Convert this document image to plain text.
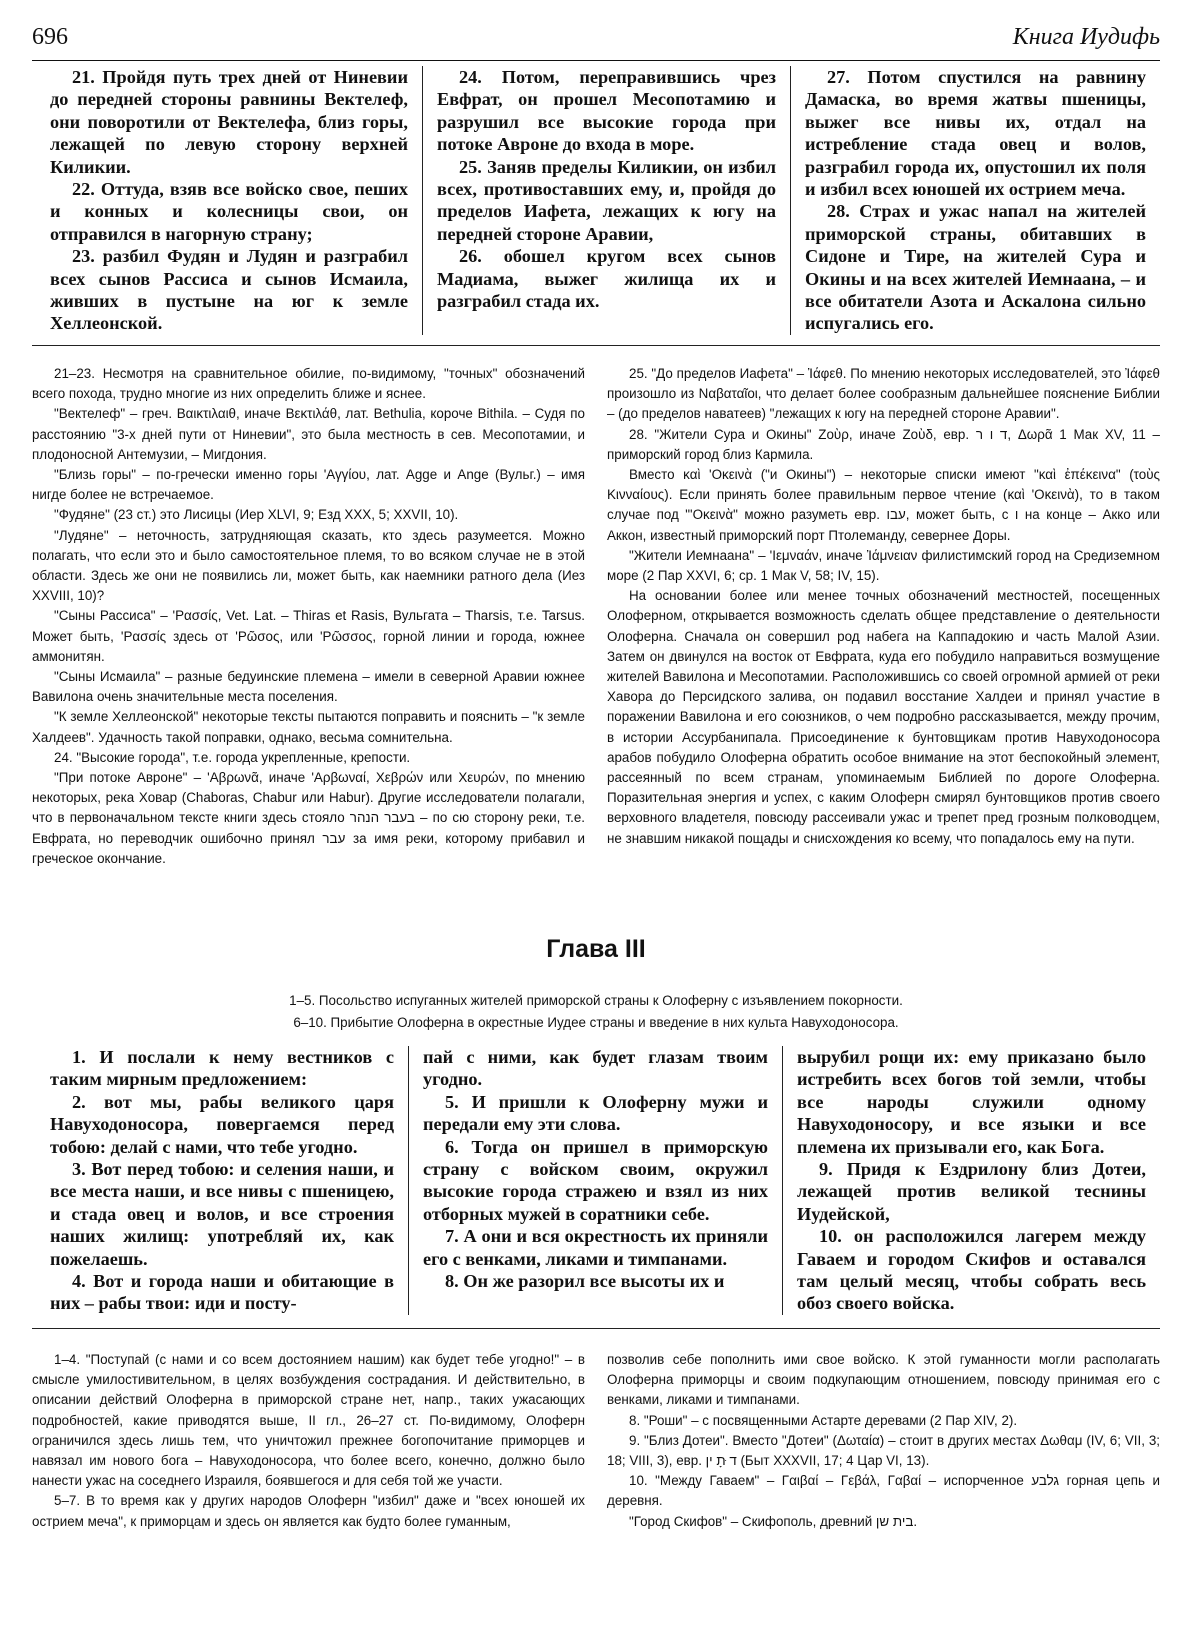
696	Книга Иудифь

21. Пройдя путь трех дней от Ниневии до передней стороны равнины Вектелеф, они поворотили от Вектелефа, близ горы, лежащей по левую сторону верхней Киликии.

22. Оттуда, взяв все войско свое, пеших и конных и колесницы свои, он отправился в нагорную страну;

23. разбил Фудян и Лудян и разграбил всех сынов Рассиса и сынов Исмаила, живших в пустыне на юг к земле Хеллеонской.

24. Потом, переправившись чрез Евфрат, он прошел Месопотамию и разрушил все высокие города при потоке Авроне до входа в море.

25. Заняв пределы Киликии, он избил всех, противоставших ему, и, пройдя до пределов Иафета, лежащих к югу на передней стороне Аравии,

26. обошел кругом всех сынов Мадиама, выжег жилища их и разграбил стада их.

27. Потом спустился на равнину Дамаска, во время жатвы пшеницы, выжег все нивы их, отдал на истребление стада овец и волов, разграбил города их, опустошил их поля и избил всех юношей их острием меча.

28. Страх и ужас напал на жителей приморской страны, обитавших в Сидоне и Тире, на жителей Сура и Окины и на всех жителей Иемнаана, – и все обитатели Азота и Аскалона сильно испугались его.

21–23. Несмотря на сравнительное обилие, по-видимому, "точных" обозначений всего похода, трудно многие из них определить ближе и яснее.

"Вектелеф" – греч. Βαικτιλαιθ, иначе Βεκτιλάθ, лат. Bethulia, короче Bithila. – Судя по расстоянию "3-х дней пути от Ниневии", это была местность в сев. Месопотамии, и плодоносной Антемузии, – Мигдония.

"Близь горы" – по-гречески именно горы 'Αγγίου, лат. Agge и Ange (Вульг.) – имя нигде более не встречаемое.

"Фудяне" (23 ст.) это Лисицы (Иер XLVI, 9; Езд XXX, 5; XXVII, 10).

"Лудяне" – неточность, затрудняющая сказать, кто здесь разумеется. Можно полагать, что если это и было самостоятельное племя, то во всяком случае не в этой области. Здесь же они не появились ли, может быть, как наемники ратного дела (Иез XXVIII, 10)?

"Сыны Рассиса" – 'Ρασσίς, Vet. Lat. – Thiras et Rasis, Вульгата – Tharsis, т.е. Tarsus. Может быть, 'Ρασσίς здесь от 'Ρῶσος, или 'Ρῶσσος, горной линии и города, южнее аммонитян.

"Сыны Исмаила" – разные бедуинские племена – имели в северной Аравии южнее Вавилона очень значительные места поселения.

"К земле Хеллеонской" некоторые тексты пытаются поправить и пояснить – "к земле Халдеев". Удачность такой поправки, однако, весьма сомнительна.

24. "Высокие города", т.е. города укрепленные, крепости.

"При потоке Авроне" – 'Αβρωνᾶ, иначе 'Αρβωναί, Χεβρών или Χευρών, по мнению некоторых, река Ховар (Chaboras, Chabur или Habur). Другие исследователи полагали, что в первоначальном тексте книги здесь стояло בעבר הנהר – по сю сторону реки, т.е. Евфрата, но переводчик ошибочно принял עבר за имя реки, которому прибавил и греческое окончание.

25. "До пределов Иафета" – Ἰάφεθ. По мнению некоторых исследователей, это Ἰάφεθ произошло из Ναβαταῖοι, что делает более сообразным дальнейшее пояснение Библии – (до пределов наватеев) "лежащих к югу на передней стороне Аравии".

28. "Жители Сура и Окины" Ζοὺρ, иначе Ζοὺδ, евр. ד ו ר, Δωρᾶ 1 Мак XV, 11 – приморский город близ Кармила.

Вместо καὶ 'Οκεινὰ ("и Окины") – некоторые списки имеют "καὶ ἐπέκεινα" (τοὺς Κινναίους). Если принять более правильным первое чтение (καὶ 'Οκεινὰ), то в таком случае под "'Οκεινὰ" можно разуметь евр. עבו, может быть, с ו на конце – Акко или Аккон, известный приморский порт Птолеманду, севернее Доры.

"Жители Иемнаана" – 'Ιεμναάν, иначе Ἰάμνειαν филистимский город на Средиземном море (2 Пар XXVI, 6; ср. 1 Мак V, 58; IV, 15).

На основании более или менее точных обозначений местностей, посещенных Олоферном, открывается возможность сделать общее представление о деятельности Олоферна. Сначала он совершил род набега на Каппадокию и часть Малой Азии. Затем он двинулся на восток от Евфрата, куда его побудило направиться возмущение жителей Вавилона и Месопотамии. Расположившись со своей огромной армией от реки Хавора до Персидского залива, он подавил восстание Халдеи и принял участие в поражении Вавилона и его союзников, о чем подробно рассказывается, между прочим, в истории Ассурбанипала. Присоединение к бунтовщикам против Навуходоносора арабов побудило Олоферна обратить особое внимание на этот беспокойный элемент, рассеянный по всем странам, упоминаемым Библией по дороге Олоферна. Поразительная энергия и успех, с каким Олоферн смирял бунтовщиков против своего верховного владетеля, повсюду рассеивали ужас и трепет пред грозным полководцем, не знавшим никакой пощады и снисхождения ко всему, что попадалось ему на пути.

Глава III
1–5. Посольство испуганных жителей приморской страны к Олоферну с изъявлением покорности.
6–10. Прибытие Олоферна в окрестные Иудее страны и введение в них культа Навуходоносора.

1. И послали к нему вестников с таким мирным предложением:

2. вот мы, рабы великого царя Навуходоносора, повергаемся перед тобою: делай с нами, что тебе угодно.

3. Вот перед тобою: и селения наши, и все места наши, и все нивы с пшеницею, и стада овец и волов, и все строения наших жилищ: употребляй их, как пожелаешь.

4. Вот и города наши и обитающие в них – рабы твои: иди и посту-

пай с ними, как будет глазам твоим угодно.

5. И пришли к Олоферну мужи и передали ему эти слова.

6. Тогда он пришел в приморскую страну с войском своим, окружил высокие города стражею и взял из них отборных мужей в соратники себе.

7. А они и вся окрестность их приняли его с венками, ликами и тимпанами.

8. Он же разорил все высоты их и

вырубил рощи их: ему приказано было истребить всех богов той земли, чтобы все народы служили одному Навуходоносору, и все языки и все племена их призывали его, как Бога.

9. Придя к Ездрилону близ Дотеи, лежащей против великой теснины Иудейской,

10. он расположился лагерем между Гаваем и городом Скифов и оставался там целый месяц, чтобы собрать весь обоз своего войска.

1–4. "Поступай (с нами и со всем достоянием нашим) как будет тебе угодно!" – в смысле умилостивительном, в целях возбуждения сострадания. И действительно, в описании действий Олоферна в приморской стране нет, напр., таких ужасающих подробностей, какие приводятся выше, II гл., 26–27 ст. По-видимому, Олоферн ограничился здесь лишь тем, что уничтожил прежнее богопочитание приморцев и навязал им нового бога – Навуходоносора, что более всего, конечно, должно было нанести ужас на соседнего Израиля, боявшегося и для себя той же участи.

5–7. В то время как у других народов Олоферн "избил" даже и "всех юношей их острием меча", к приморцам и здесь он является как будто более гуманным,

позволив себе пополнить ими свое войско. К этой гуманности могли располагать Олоферна приморцы и своим подкупающим отношением, повсюду принимая его с венками, ликами и тимпанами.

8. "Роши" – с посвященными Астарте деревами (2 Пар XIV, 2).

9. "Близ Дотеи". Вместо "Дотеи" (Δωταία) – стоит в других местах Δωθαμ (IV, 6; VII, 3; 18; VIII, 3), евр. ד ּתָ ין (Быт XXXVII, 17; 4 Цар VI, 13).

10. "Между Гаваем" – Γαιβαί – Γεβάλ, Γαβαί – испорченное גלבע горная цепь и деревня.

"Город Скифов" – Скифополь, древний בית שן.
